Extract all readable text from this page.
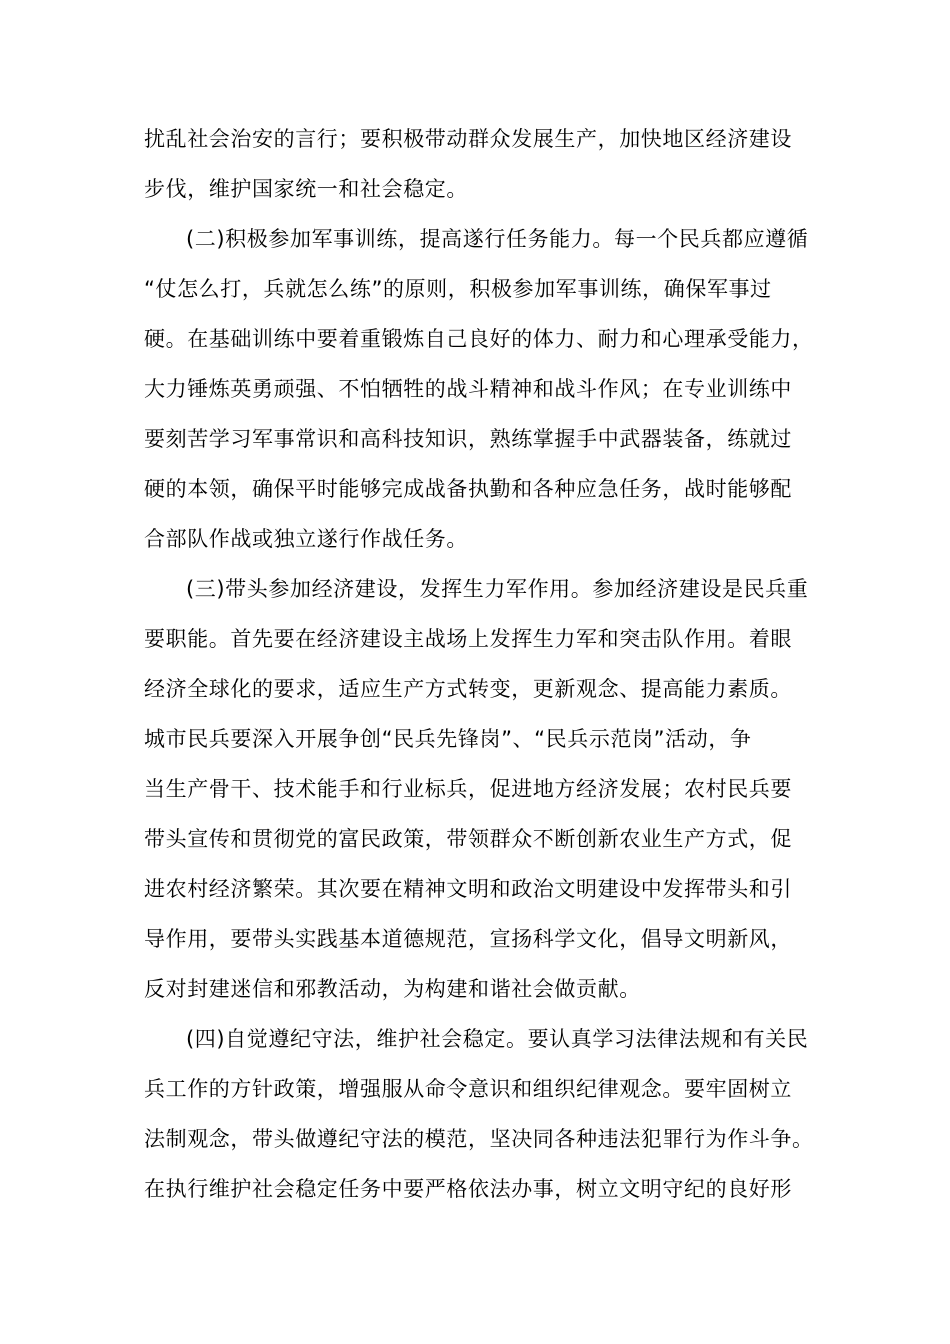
扰乱社会治安的言行；要积极带动群众发展生产，加快地区经济建设
步伐，维护国家统一和社会稳定。
(二)积极参加军事训练，提高遂行任务能力。每一个民兵都应遵循
“仗怎么打，兵就怎么练”的原则，积极参加军事训练，确保军事过
硬。在基础训练中要着重锻炼自己良好的体力、耐力和心理承受能力，
大力锤炼英勇顽强、不怕牺牲的战斗精神和战斗作风；在专业训练中
要刻苦学习军事常识和高科技知识，熟练掌握手中武器装备，练就过
硬的本领，确保平时能够完成战备执勤和各种应急任务，战时能够配
合部队作战或独立遂行作战任务。
(三)带头参加经济建设，发挥生力军作用。参加经济建设是民兵重
要职能。首先要在经济建设主战场上发挥生力军和突击队作用。着眼
经济全球化的要求，适应生产方式转变，更新观念、提高能力素质。
城市民兵要深入开展争创“民兵先锋岗”、“民兵示范岗”活动，争
当生产骨干、技术能手和行业标兵，促进地方经济发展；农村民兵要
带头宣传和贯彻党的富民政策，带领群众不断创新农业生产方式，促
进农村经济繁荣。其次要在精神文明和政治文明建设中发挥带头和引
导作用，要带头实践基本道德规范，宣扬科学文化，倡导文明新风，
反对封建迷信和邪教活动，为构建和谐社会做贡献。
(四)自觉遵纪守法，维护社会稳定。要认真学习法律法规和有关民
兵工作的方针政策，增强服从命令意识和组织纪律观念。要牢固树立
法制观念，带头做遵纪守法的模范，坚决同各种违法犯罪行为作斗争。
在执行维护社会稳定任务中要严格依法办事，树立文明守纪的良好形
